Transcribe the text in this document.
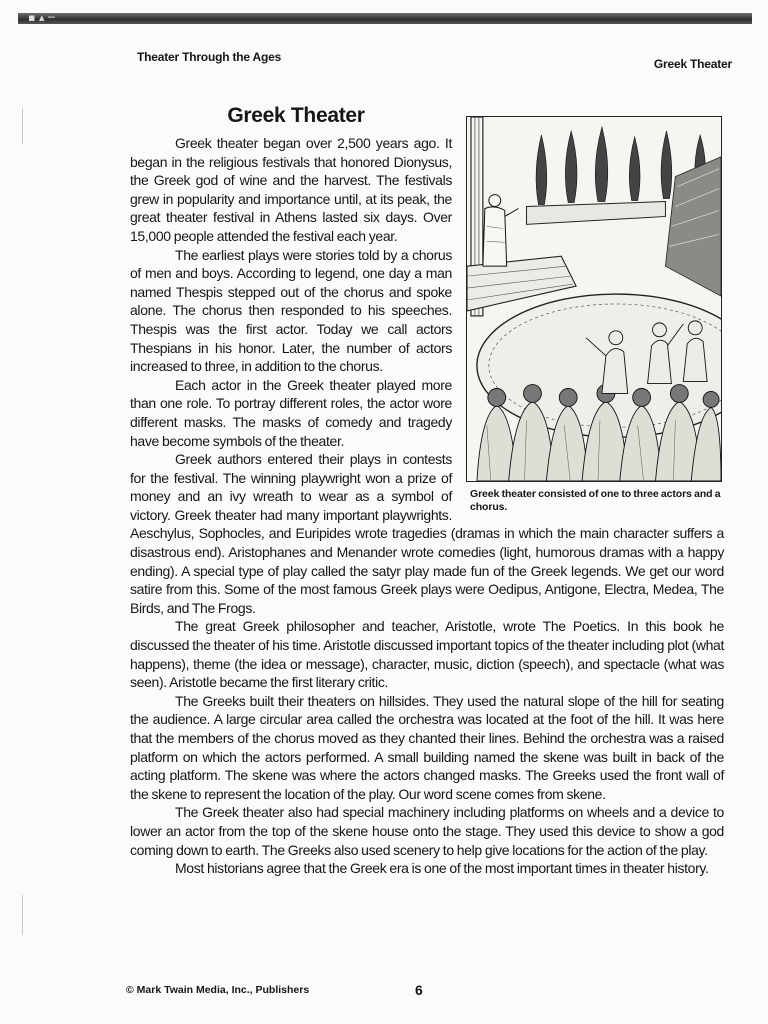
▪ ▴ ─
Theater Through the Ages	Greek Theater
Greek Theater
Greek theater consisted of one to three actors and a chorus.

Greek theater began over 2,500 years ago. It began in the religious festivals that honored Dionysus, the Greek god of wine and the harvest. The festivals grew in popularity and importance until, at its peak, the great theater festival in Athens lasted six days. Over 15,000 people attended the festival each year.

The earliest plays were stories told by a chorus of men and boys. According to legend, one day a man named Thespis stepped out of the chorus and spoke alone. The chorus then responded to his speeches. Thespis was the first actor. Today we call actors Thespians in his honor. Later, the number of actors increased to three, in addition to the chorus.

Each actor in the Greek theater played more than one role. To portray different roles, the actor wore different masks. The masks of comedy and tragedy have become symbols of the theater.

Greek authors entered their plays in contests for the festival. The winning playwright won a prize of money and an ivy wreath to wear as a symbol of victory. Greek theater had many important playwrights. Aeschylus, Sophocles, and Euripides wrote tragedies (dramas in which the main character suffers a disastrous end). Aristophanes and Menander wrote comedies (light, humorous dramas with a happy ending). A special type of play called the satyr play made fun of the Greek legends. We get our word satire from this. Some of the most famous Greek plays were Oedipus, Antigone, Electra, Medea, The Birds, and The Frogs.

The great Greek philosopher and teacher, Aristotle, wrote The Poetics. In this book he discussed the theater of his time. Aristotle discussed important topics of the theater including plot (what happens), theme (the idea or message), character, music, diction (speech), and spectacle (what was seen). Aristotle became the first literary critic.

The Greeks built their theaters on hillsides. They used the natural slope of the hill for seating the audience. A large circular area called the orchestra was located at the foot of the hill. It was here that the members of the chorus moved as they chanted their lines. Behind the orchestra was a raised platform on which the actors performed. A small building named the skene was built in back of the acting platform. The skene was where the actors changed masks. The Greeks used the front wall of the skene to represent the location of the play. Our word scene comes from skene.

The Greek theater also had special machinery including platforms on wheels and a device to lower an actor from the top of the skene house onto the stage. They used this device to show a god coming down to earth. The Greeks also used scenery to help give locations for the action of the play.

Most historians agree that the Greek era is one of the most important times in theater history.

© Mark Twain Media, Inc., Publishers	6
